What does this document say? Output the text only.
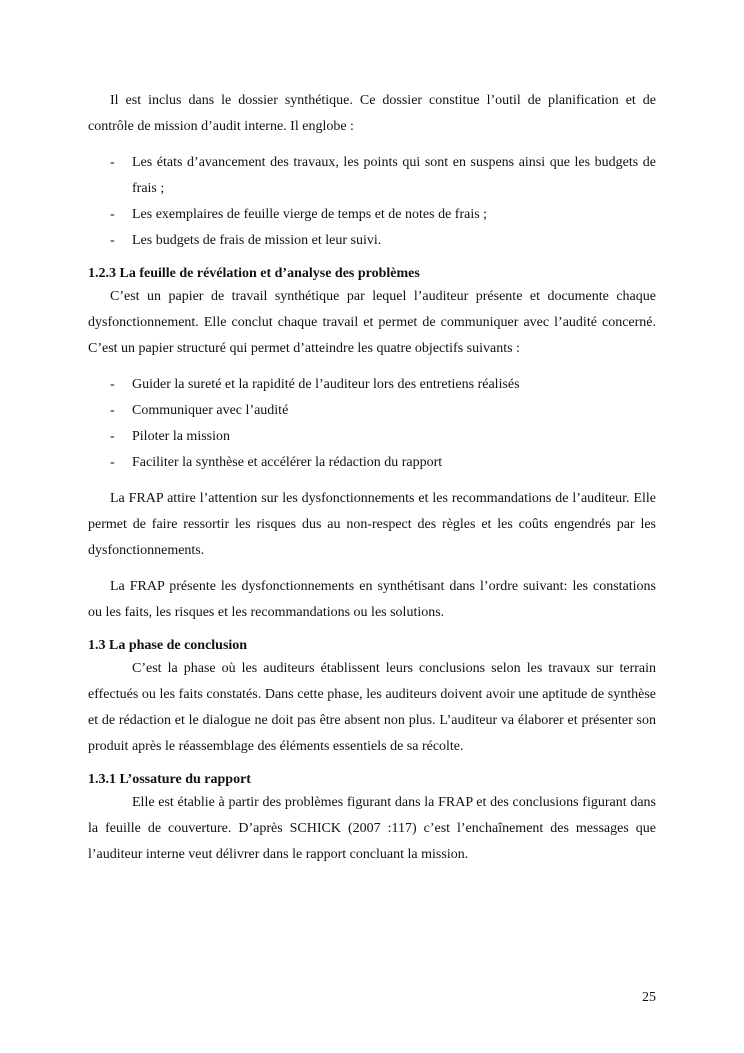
Il est inclus dans le dossier synthétique. Ce dossier constitue l’outil de planification et de contrôle de mission d’audit interne. Il englobe :

- Les états d’avancement des travaux, les points qui sont en suspens ainsi que les budgets de frais ;
- Les exemplaires de feuille vierge de temps et de notes de frais ;
- Les budgets de frais de mission et leur suivi.
1.2.3 La feuille de révélation et d’analyse des problèmes

C’est un papier de travail synthétique par lequel l’auditeur présente et documente chaque dysfonctionnement. Elle conclut chaque travail et permet de communiquer avec l’audité concerné. C’est un papier structuré qui permet d’atteindre les quatre objectifs suivants :

- Guider la sureté et la rapidité de l’auditeur lors des entretiens réalisés
- Communiquer avec l’audité
- Piloter la mission
- Faciliter la synthèse et accélérer la rédaction du rapport

La FRAP attire l’attention sur les dysfonctionnements et les recommandations de l’auditeur. Elle permet de faire ressortir les risques dus au non-respect des règles et les coûts engendrés par les dysfonctionnements.

La FRAP présente les dysfonctionnements en synthétisant dans l’ordre suivant: les constations ou les faits, les risques et les recommandations ou les solutions.

1.3 La phase de conclusion

C’est la phase où les auditeurs établissent leurs conclusions selon les travaux sur terrain effectués ou les faits constatés. Dans cette phase, les auditeurs doivent avoir une aptitude de synthèse et de rédaction et le dialogue ne doit pas être absent non plus. L’auditeur va élaborer et présenter son produit après le réassemblage des éléments essentiels de sa récolte.

1.3.1 L’ossature du rapport

Elle est établie à partir des problèmes figurant dans la FRAP et des conclusions figurant dans la feuille de couverture. D’après SCHICK (2007 :117) c’est l’enchaînement des messages que l’auditeur interne veut délivrer dans le rapport concluant la mission.

25
